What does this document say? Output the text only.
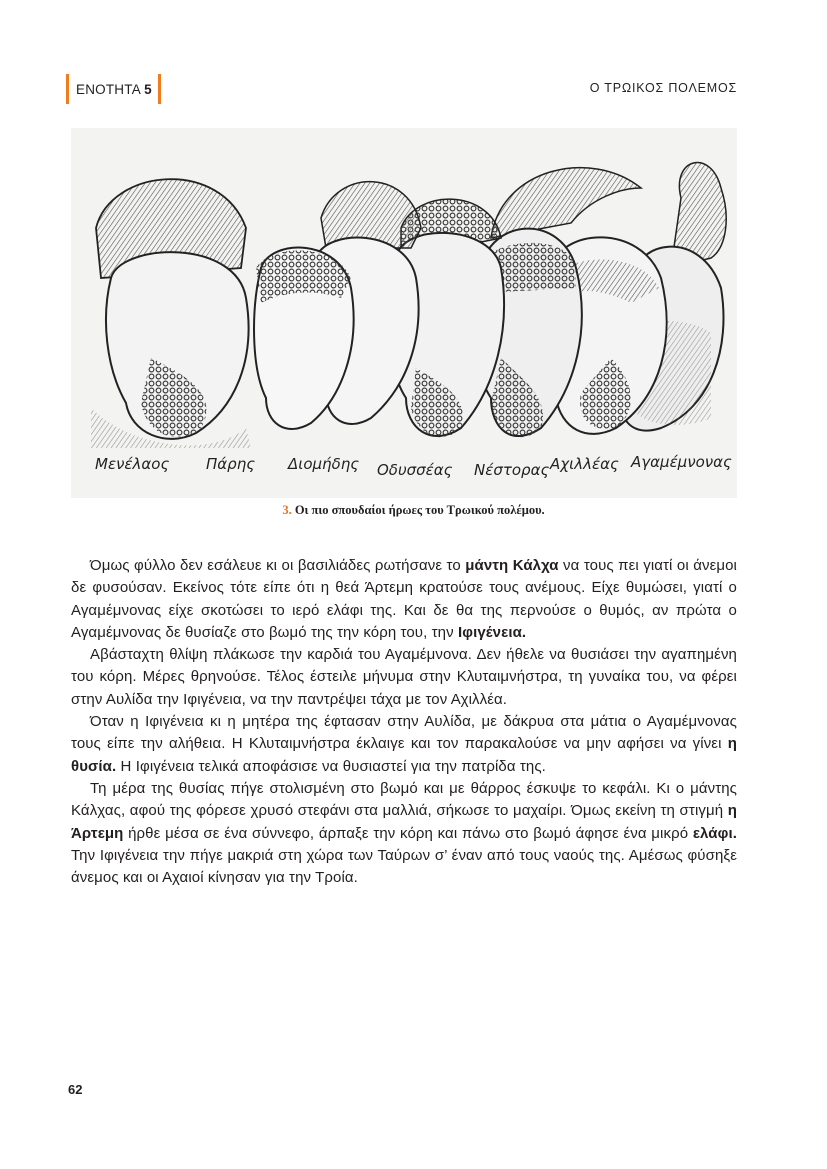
ΕΝΟΤΗΤΑ 5	Ο ΤΡΩΙΚΟΣ ΠΟΛΕΜΟΣ
Μενέλαος Πάρης Διομήδης Οδυσσέας Νέστορας Αχιλλέας Αγαμέμνονας
3. Οι πιο σπουδαίοι ήρωες του Τρωικού πολέμου.

Όμως φύλλο δεν εσάλευε κι οι βασιλιάδες ρωτήσανε το μάντη Κάλχα να τους πει γιατί οι άνεμοι δε φυσούσαν. Εκείνος τότε είπε ότι η θεά Άρτεμη κρατούσε τους ανέμους. Είχε θυμώσει, γιατί ο Αγαμέμνονας είχε σκοτώσει το ιερό ελάφι της. Και δε θα της περνούσε ο θυμός, αν πρώτα ο Αγαμέμνονας δε θυσίαζε στο βωμό της την κόρη του, την Ιφιγένεια.

Αβάσταχτη θλίψη πλάκωσε την καρδιά του Αγαμέμνονα. Δεν ήθελε να θυσιάσει την αγαπημένη του κόρη. Μέρες θρηνούσε. Τέλος έστειλε μήνυμα στην Κλυταιμνήστρα, τη γυναίκα του, να φέρει στην Αυλίδα την Ιφιγένεια, να την παντρέψει τάχα με τον Αχιλλέα.

Όταν η Ιφιγένεια κι η μητέρα της έφτασαν στην Αυλίδα, με δάκρυα στα μάτια ο Αγαμέμνονας τους είπε την αλήθεια. Η Κλυταιμνήστρα έκλαιγε και τον παρακαλούσε να μην αφήσει να γίνει η θυσία. Η Ιφιγένεια τελικά αποφάσισε να θυσιαστεί για την πατρίδα της.

Τη μέρα της θυσίας πήγε στολισμένη στο βωμό και με θάρρος έσκυψε το κεφάλι. Κι ο μάντης Κάλχας, αφού της φόρεσε χρυσό στεφάνι στα μαλλιά, σήκωσε το μαχαίρι. Όμως εκείνη τη στιγμή η Άρτεμη ήρθε μέσα σε ένα σύννεφο, άρπαξε την κόρη και πάνω στο βωμό άφησε ένα μικρό ελάφι. Την Ιφιγένεια την πήγε μακριά στη χώρα των Ταύρων σ’ έναν από τους ναούς της. Αμέσως φύσηξε άνεμος και οι Αχαιοί κίνησαν για την Τροία.

62
